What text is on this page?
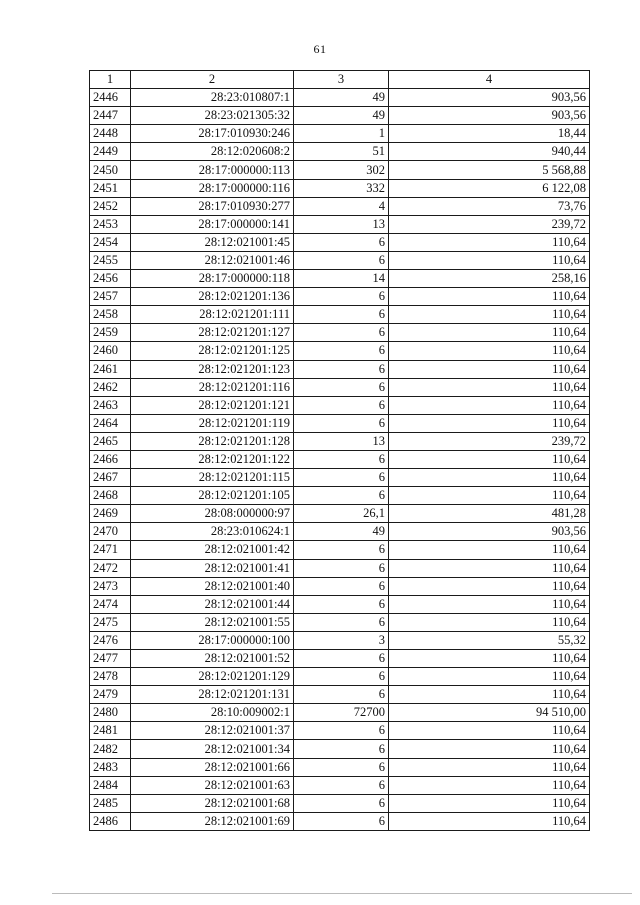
61
1	2	3	4
2446	28:23:010807:1	49	903,56
2447	28:23:021305:32	49	903,56
2448	28:17:010930:246	1	18,44
2449	28:12:020608:2	51	940,44
2450	28:17:000000:113	302	5 568,88
2451	28:17:000000:116	332	6 122,08
2452	28:17:010930:277	4	73,76
2453	28:17:000000:141	13	239,72
2454	28:12:021001:45	6	110,64
2455	28:12:021001:46	6	110,64
2456	28:17:000000:118	14	258,16
2457	28:12:021201:136	6	110,64
2458	28:12:021201:111	6	110,64
2459	28:12:021201:127	6	110,64
2460	28:12:021201:125	6	110,64
2461	28:12:021201:123	6	110,64
2462	28:12:021201:116	6	110,64
2463	28:12:021201:121	6	110,64
2464	28:12:021201:119	6	110,64
2465	28:12:021201:128	13	239,72
2466	28:12:021201:122	6	110,64
2467	28:12:021201:115	6	110,64
2468	28:12:021201:105	6	110,64
2469	28:08:000000:97	26,1	481,28
2470	28:23:010624:1	49	903,56
2471	28:12:021001:42	6	110,64
2472	28:12:021001:41	6	110,64
2473	28:12:021001:40	6	110,64
2474	28:12:021001:44	6	110,64
2475	28:12:021001:55	6	110,64
2476	28:17:000000:100	3	55,32
2477	28:12:021001:52	6	110,64
2478	28:12:021201:129	6	110,64
2479	28:12:021201:131	6	110,64
2480	28:10:009002:1	72700	94 510,00
2481	28:12:021001:37	6	110,64
2482	28:12:021001:34	6	110,64
2483	28:12:021001:66	6	110,64
2484	28:12:021001:63	6	110,64
2485	28:12:021001:68	6	110,64
2486	28:12:021001:69	6	110,64
